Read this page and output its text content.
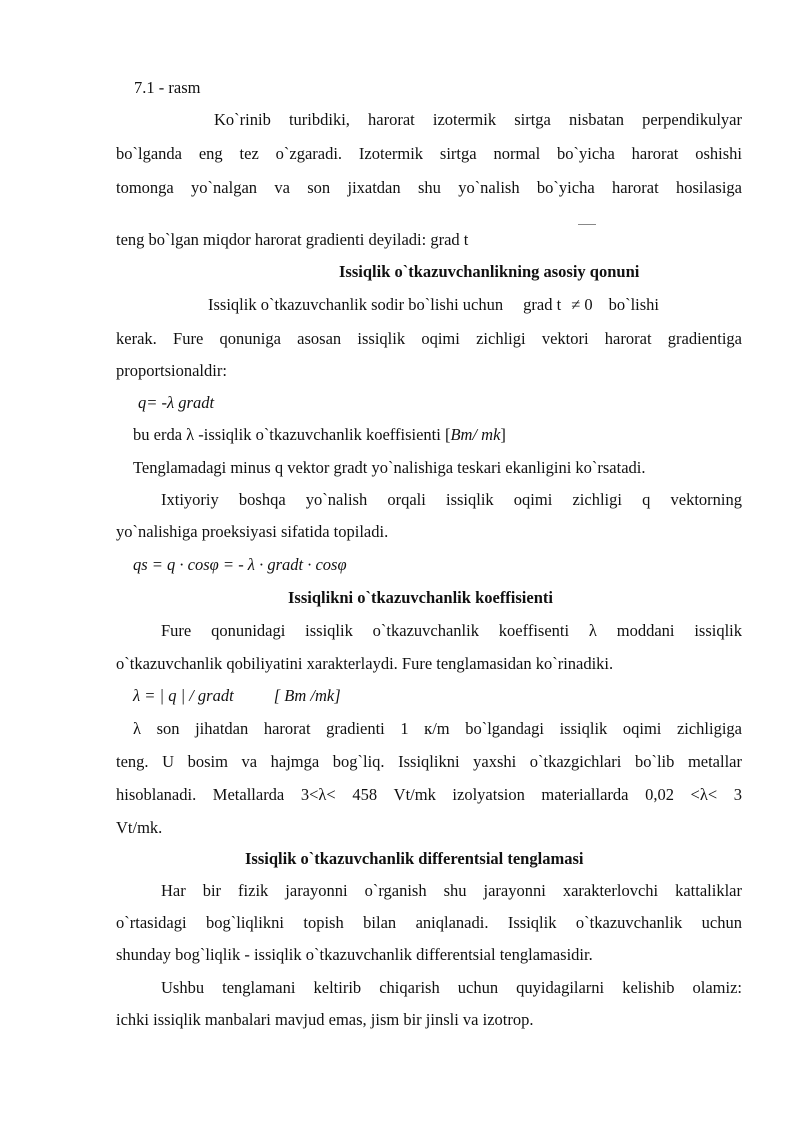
7.1 - rasm
Ko`rinib turibdiki, harorat izotermik sirtga nisbatan perpendikulyar
bo`lganda eng tez o`zgaradi. Izotermik sirtga normal bo`yicha harorat oshishi
tomonga yo`nalgan va son jixatdan shu yo`nalish bo`yicha harorat hosilasiga
teng bo`lgan miqdor harorat gradienti deyiladi: grad t
Issiqlik o`tkazuvchanlikning asosiy qonuni
Issiqlik o`tkazuvchanlik sodir bo`lishi uchun grad t ≠ 0 bo`lishi
kerak. Fure qonuniga asosan issiqlik oqimi zichligi vektori harorat gradientiga
proportsionaldir:
q= -λ gradt
bu erda λ -issiqlik o`tkazuvchanlik koeffisienti [Bm/ mk]
Tenglamadagi minus q vektor gradt yo`nalishiga teskari ekanligini ko`rsatadi.
Ixtiyoriy boshqa yo`nalish orqali issiqlik oqimi zichligi q vektorning
yo`nalishiga proeksiyasi sifatida topiladi.
qs = q · cosφ = - λ · gradt · cosφ
Issiqlikni o`tkazuvchanlik koeffisienti
Fure qonunidagi issiqlik o`tkazuvchanlik koeffisenti λ moddani issiqlik
o`tkazuvchanlik qobiliyatini xarakterlaydi. Fure tenglamasidan ko`rinadiki.
λ = | q | / gradt [ Bm /mk]
λ son jihatdan harorat gradienti 1 к/m bo`lgandagi issiqlik oqimi zichligiga
teng. U bosim va hajmga bog`liq. Issiqlikni yaxshi o`tkazgichlari bo`lib metallar
hisoblanadi. Metallarda 3<λ< 458 Vt/mk izolyatsion materiallarda 0,02 <λ< 3
Vt/mk.
Issiqlik o`tkazuvchanlik differentsial tenglamasi
Har bir fizik jarayonni o`rganish shu jarayonni xarakterlovchi kattaliklar
o`rtasidagi bog`liqlikni topish bilan aniqlanadi. Issiqlik o`tkazuvchanlik uchun
shunday bog`liqlik - issiqlik o`tkazuvchanlik differentsial tenglamasidir.
Ushbu tenglamani keltirib chiqarish uchun quyidagilarni kelishib olamiz:
ichki issiqlik manbalari mavjud emas, jism bir jinsli va izotrop.
